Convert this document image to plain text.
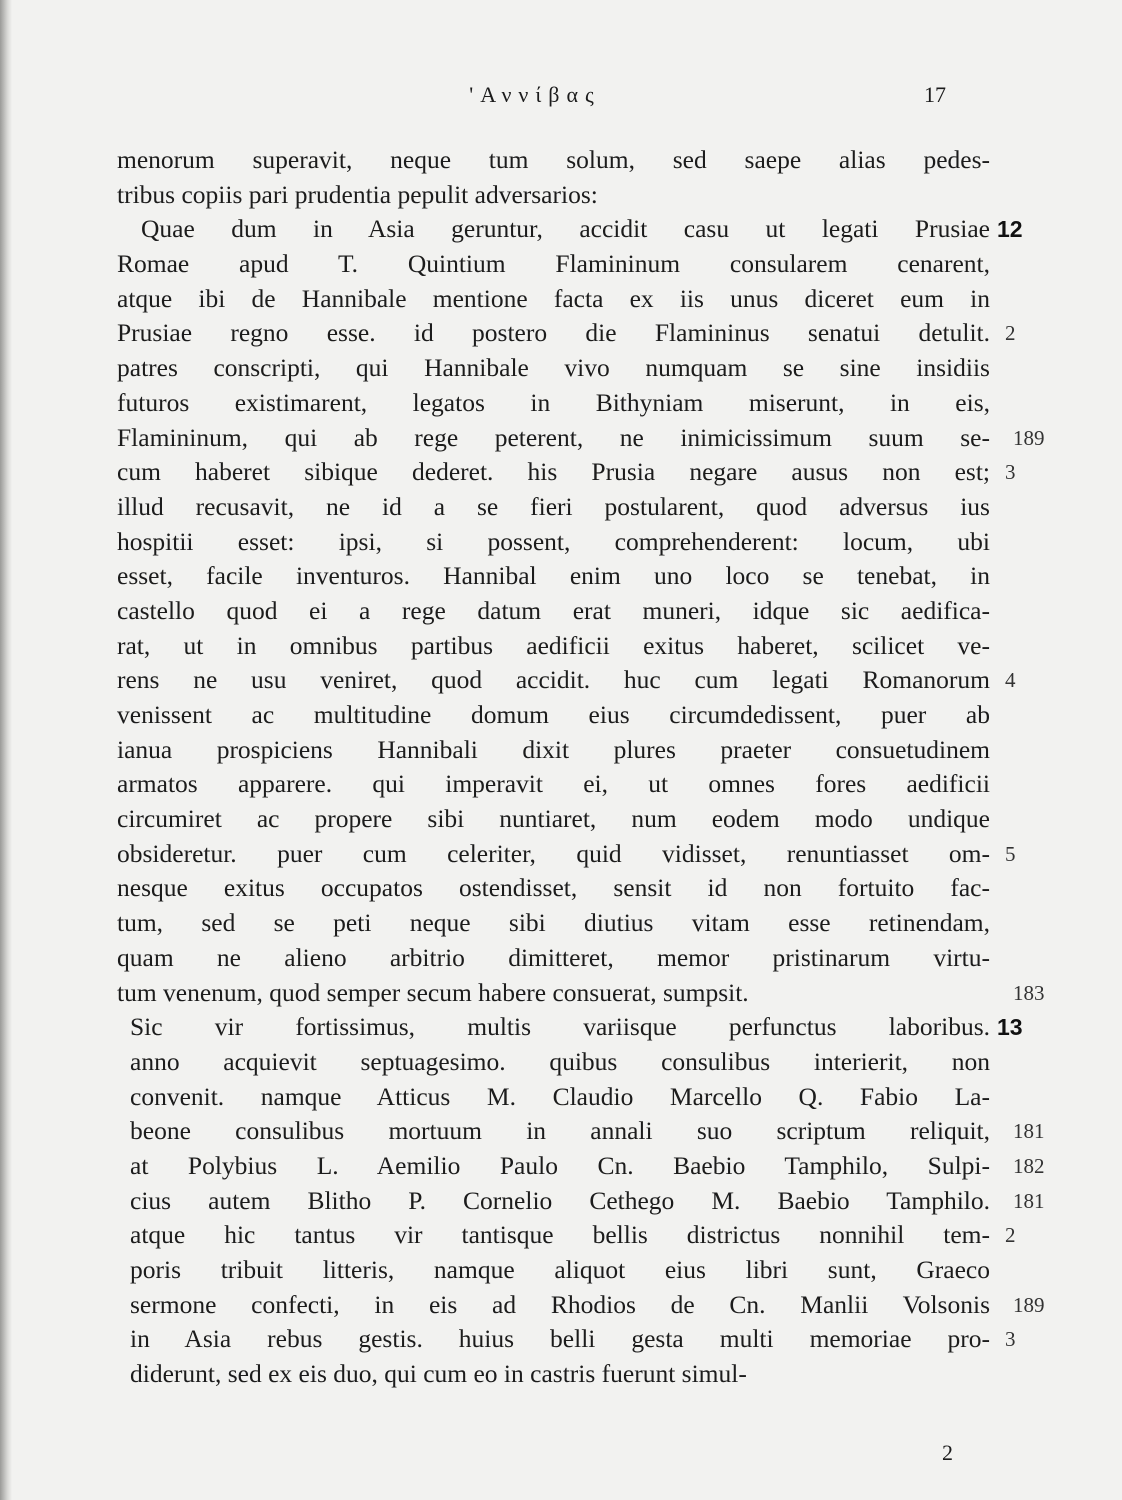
'Αννίβας	17
menorum superavit, neque tum solum, sed saepe alias pedes-
tribus copiis pari prudentia pepulit adversarios:
Quae dum in Asia geruntur, accidit casu ut legati Prusiae 12
Romae apud T. Quintium Flamininum consularem cenarent,
atque ibi de Hannibale mentione facta ex iis unus diceret eum in
Prusiae regno esse. id postero die Flamininus senatui detulit. 2
patres conscripti, qui Hannibale vivo numquam se sine insidiis
futuros existimarent, legatos in Bithyniam miserunt, in eis,
Flamininum, qui ab rege peterent, ne inimicissimum suum se- 189
cum haberet sibique dederet. his Prusia negare ausus non est; 3
illud recusavit, ne id a se fieri postularent, quod adversus ius
hospitii esset: ipsi, si possent, comprehenderent: locum, ubi
esset, facile inventuros. Hannibal enim uno loco se tenebat, in
castello quod ei a rege datum erat muneri, idque sic aedifica-
rat, ut in omnibus partibus aedificii exitus haberet, scilicet ve-
rens ne usu veniret, quod accidit. huc cum legati Romanorum 4
venissent ac multitudine domum eius circumdedissent, puer ab
ianua prospiciens Hannibali dixit plures praeter consuetudinem
armatos apparere. qui imperavit ei, ut omnes fores aedificii
circumiret ac propere sibi nuntiaret, num eodem modo undique
obsideretur. puer cum celeriter, quid vidisset, renuntiasset om- 5
nesque exitus occupatos ostendisset, sensit id non fortuito fac-
tum, sed se peti neque sibi diutius vitam esse retinendam,
quam ne alieno arbitrio dimitteret, memor pristinarum virtu-
tum venenum, quod semper secum habere consuerat, sumpsit.	183
Sic vir fortissimus, multis variisque perfunctus laboribus. 13
anno acquievit septuagesimo. quibus consulibus interierit, non
convenit. namque Atticus M. Claudio Marcello Q. Fabio La-
beone consulibus mortuum in annali suo scriptum reliquit, 181
at Polybius L. Aemilio Paulo Cn. Baebio Tamphilo, Sulpi- 182
cius autem Blitho P. Cornelio Cethego M. Baebio Tamphilo. 181
atque hic tantus vir tantisque bellis districtus nonnihil tem- 2
poris tribuit litteris, namque aliquot eius libri sunt, Graeco
sermone confecti, in eis ad Rhodios de Cn. Manlii Volsonis 189
in Asia rebus gestis. huius belli gesta multi memoriae pro- 3
diderunt, sed ex eis duo, qui cum eo in castris fuerunt simul-
2
